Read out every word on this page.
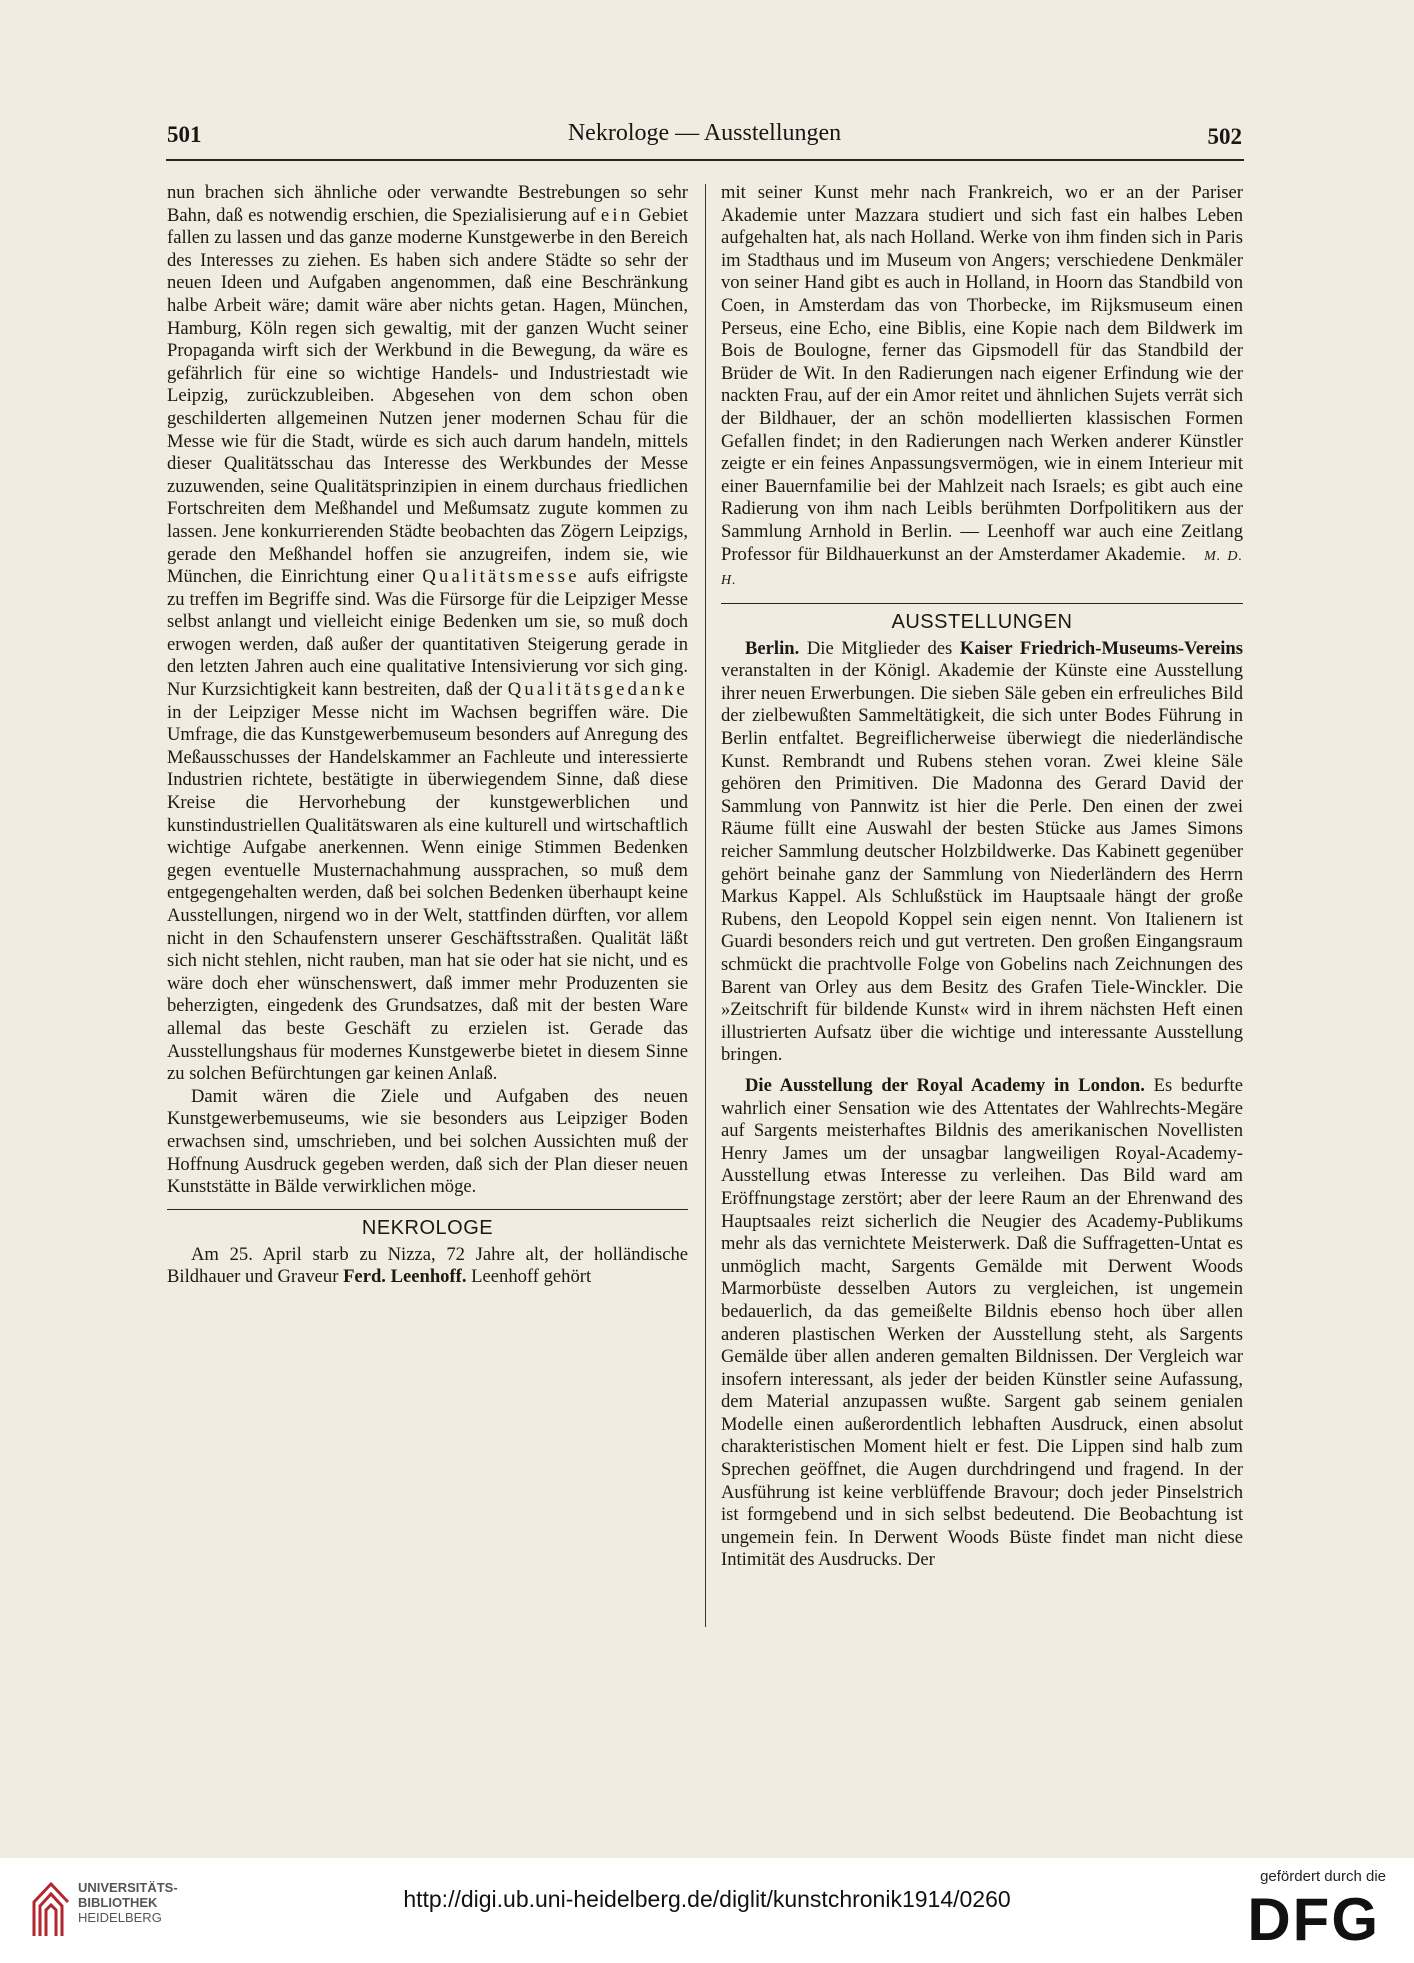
501	Nekrologe — Ausstellungen	502

nun brachen sich ähnliche oder verwandte Bestrebungen so sehr Bahn, daß es notwendig erschien, die Spezialisierung auf ein Gebiet fallen zu lassen und das ganze moderne Kunstgewerbe in den Bereich des Interesses zu ziehen. Es haben sich andere Städte so sehr der neuen Ideen und Aufgaben angenommen, daß eine Beschränkung halbe Arbeit wäre; damit wäre aber nichts getan. Hagen, München, Hamburg, Köln regen sich gewaltig, mit der ganzen Wucht seiner Propaganda wirft sich der Werkbund in die Bewegung, da wäre es gefährlich für eine so wichtige Handels- und Industriestadt wie Leipzig, zurückzubleiben. Abgesehen von dem schon oben geschilderten allgemeinen Nutzen jener modernen Schau für die Messe wie für die Stadt, würde es sich auch darum handeln, mittels dieser Qualitätsschau das Interesse des Werkbundes der Messe zuzuwenden, seine Qualitätsprinzipien in einem durchaus friedlichen Fortschreiten dem Meßhandel und Meßumsatz zugute kommen zu lassen. Jene konkurrierenden Städte beobachten das Zögern Leipzigs, gerade den Meßhandel hoffen sie anzugreifen, indem sie, wie München, die Einrichtung einer Qualitätsmesse aufs eifrigste zu treffen im Begriffe sind. Was die Fürsorge für die Leipziger Messe selbst anlangt und vielleicht einige Bedenken um sie, so muß doch erwogen werden, daß außer der quantitativen Steigerung gerade in den letzten Jahren auch eine qualitative Intensivierung vor sich ging. Nur Kurzsichtigkeit kann bestreiten, daß der Qualitätsgedanke in der Leipziger Messe nicht im Wachsen begriffen wäre. Die Umfrage, die das Kunstgewerbemuseum besonders auf Anregung des Meßausschusses der Handelskammer an Fachleute und interessierte Industrien richtete, bestätigte in überwiegendem Sinne, daß diese Kreise die Hervorhebung der kunstgewerblichen und kunstindustriellen Qualitätswaren als eine kulturell und wirtschaftlich wichtige Aufgabe anerkennen. Wenn einige Stimmen Bedenken gegen eventuelle Musternachahmung aussprachen, so muß dem entgegengehalten werden, daß bei solchen Bedenken überhaupt keine Ausstellungen, nirgend wo in der Welt, stattfinden dürften, vor allem nicht in den Schaufenstern unserer Geschäftsstraßen. Qualität läßt sich nicht stehlen, nicht rauben, man hat sie oder hat sie nicht, und es wäre doch eher wünschenswert, daß immer mehr Produzenten sie beherzigten, eingedenk des Grundsatzes, daß mit der besten Ware allemal das beste Geschäft zu erzielen ist. Gerade das Ausstellungshaus für modernes Kunstgewerbe bietet in diesem Sinne zu solchen Befürchtungen gar keinen Anlaß.

Damit wären die Ziele und Aufgaben des neuen Kunstgewerbemuseums, wie sie besonders aus Leipziger Boden erwachsen sind, umschrieben, und bei solchen Aussichten muß der Hoffnung Ausdruck gegeben werden, daß sich der Plan dieser neuen Kunststätte in Bälde verwirklichen möge.

NEKROLOGE

Am 25. April starb zu Nizza, 72 Jahre alt, der holländische Bildhauer und Graveur Ferd. Leenhoff. Leenhoff gehört

mit seiner Kunst mehr nach Frankreich, wo er an der Pariser Akademie unter Mazzara studiert und sich fast ein halbes Leben aufgehalten hat, als nach Holland. Werke von ihm finden sich in Paris im Stadthaus und im Museum von Angers; verschiedene Denkmäler von seiner Hand gibt es auch in Holland, in Hoorn das Standbild von Coen, in Amsterdam das von Thorbecke, im Rijksmuseum einen Perseus, eine Echo, eine Biblis, eine Kopie nach dem Bildwerk im Bois de Boulogne, ferner das Gipsmodell für das Standbild der Brüder de Wit. In den Radierungen nach eigener Erfindung wie der nackten Frau, auf der ein Amor reitet und ähnlichen Sujets verrät sich der Bildhauer, der an schön modellierten klassischen Formen Gefallen findet; in den Radierungen nach Werken anderer Künstler zeigte er ein feines Anpassungsvermögen, wie in einem Interieur mit einer Bauernfamilie bei der Mahlzeit nach Israels; es gibt auch eine Radierung von ihm nach Leibls berühmten Dorfpolitikern aus der Sammlung Arnhold in Berlin. — Leenhoff war auch eine Zeitlang Professor für Bildhauerkunst an der Amsterdamer Akademie. M. D. H.

AUSSTELLUNGEN

Berlin. Die Mitglieder des Kaiser Friedrich-Museums-Vereins veranstalten in der Königl. Akademie der Künste eine Ausstellung ihrer neuen Erwerbungen. Die sieben Säle geben ein erfreuliches Bild der zielbewußten Sammeltätigkeit, die sich unter Bodes Führung in Berlin entfaltet. Begreiflicherweise überwiegt die niederländische Kunst. Rembrandt und Rubens stehen voran. Zwei kleine Säle gehören den Primitiven. Die Madonna des Gerard David der Sammlung von Pannwitz ist hier die Perle. Den einen der zwei Räume füllt eine Auswahl der besten Stücke aus James Simons reicher Sammlung deutscher Holzbildwerke. Das Kabinett gegenüber gehört beinahe ganz der Sammlung von Niederländern des Herrn Markus Kappel. Als Schlußstück im Hauptsaale hängt der große Rubens, den Leopold Koppel sein eigen nennt. Von Italienern ist Guardi besonders reich und gut vertreten. Den großen Eingangsraum schmückt die prachtvolle Folge von Gobelins nach Zeichnungen des Barent van Orley aus dem Besitz des Grafen Tiele-Winckler. Die »Zeitschrift für bildende Kunst« wird in ihrem nächsten Heft einen illustrierten Aufsatz über die wichtige und interessante Ausstellung bringen.

Die Ausstellung der Royal Academy in London. Es bedurfte wahrlich einer Sensation wie des Attentates der Wahlrechts-Megäre auf Sargents meisterhaftes Bildnis des amerikanischen Novellisten Henry James um der unsagbar langweiligen Royal-Academy-Ausstellung etwas Interesse zu verleihen. Das Bild ward am Eröffnungstage zerstört; aber der leere Raum an der Ehrenwand des Hauptsaales reizt sicherlich die Neugier des Academy-Publikums mehr als das vernichtete Meisterwerk. Daß die Suffragetten-Untat es unmöglich macht, Sargents Gemälde mit Derwent Woods Marmorbüste desselben Autors zu vergleichen, ist ungemein bedauerlich, da das gemeißelte Bildnis ebenso hoch über allen anderen plastischen Werken der Ausstellung steht, als Sargents Gemälde über allen anderen gemalten Bildnissen. Der Vergleich war insofern interessant, als jeder der beiden Künstler seine Aufassung, dem Material anzupassen wußte. Sargent gab seinem genialen Modelle einen außerordentlich lebhaften Ausdruck, einen absolut charakteristischen Moment hielt er fest. Die Lippen sind halb zum Sprechen geöffnet, die Augen durchdringend und fragend. In der Ausführung ist keine verblüffende Bravour; doch jeder Pinselstrich ist formgebend und in sich selbst bedeutend. Die Beobachtung ist ungemein fein. In Derwent Woods Büste findet man nicht diese Intimität des Ausdrucks. Der

UNIVERSITÄTS-
BIBLIOTHEK
HEIDELBERG
http://digi.ub.uni-heidelberg.de/diglit/kunstchronik1914/0260
gefördert durch die
DFG
